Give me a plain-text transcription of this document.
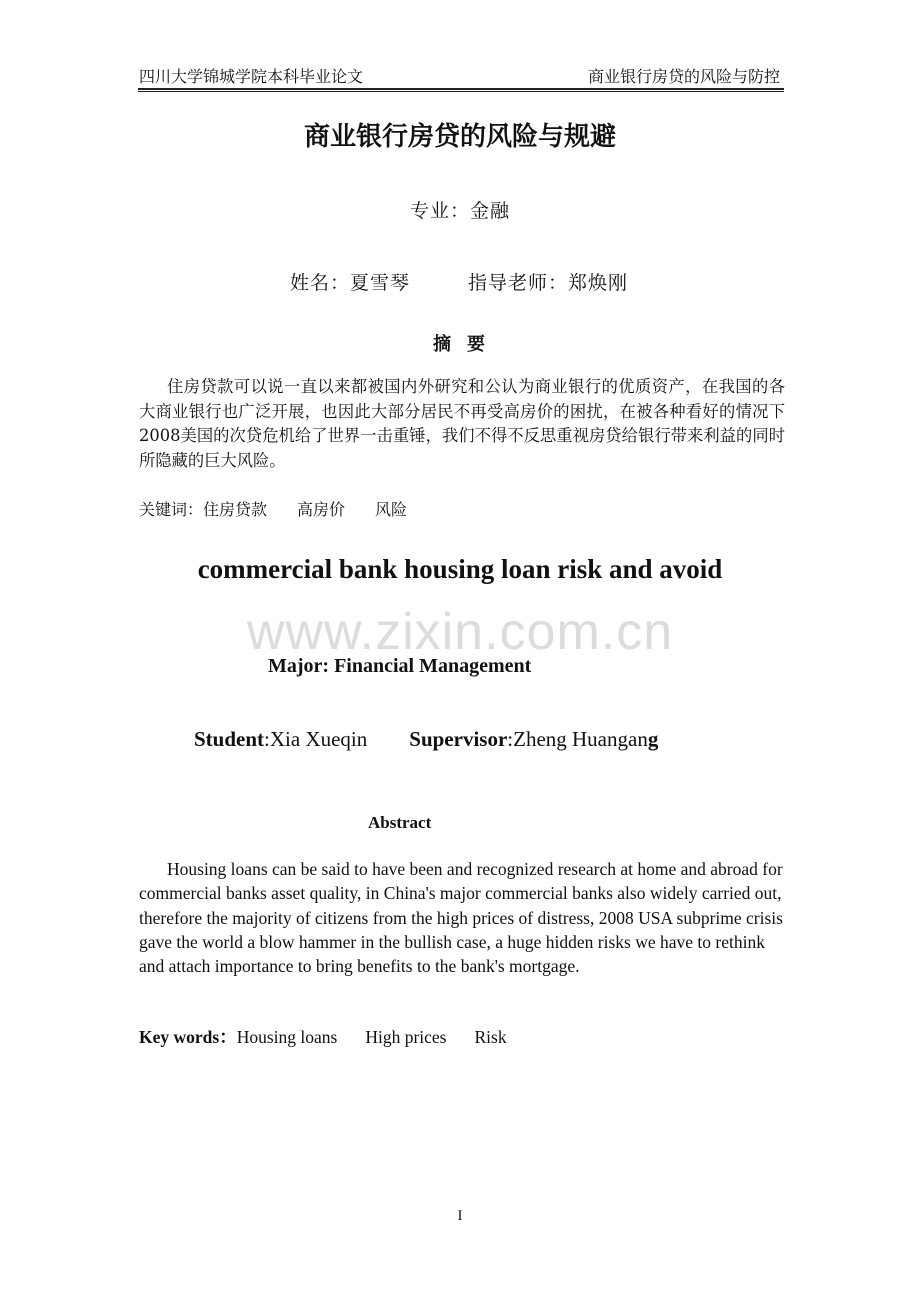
四川大学锦城学院本科毕业论文	商业银行房贷的风险与防控
商业银行房贷的风险与规避
专业：金融
姓名：夏雪琴	指导老师：郑焕刚
摘 要
住房贷款可以说一直以来都被国内外研究和公认为商业银行的优质资产，在我国的各大商业银行也广泛开展，也因此大部分居民不再受高房价的困扰，在被各种看好的情况下2008美国的次贷危机给了世界一击重锤，我们不得不反思重视房贷给银行带来利益的同时所隐藏的巨大风险。
关键词：住房贷款 高房价 风险
commercial bank housing loan risk and avoid
www.zixin.com.cn
Major: Financial Management
Student:Xia Xueqin Supervisor:Zheng Huangang
Abstract
Housing loans can be said to have been and recognized research at home and abroad for commercial banks asset quality, in China's major commercial banks also widely carried out, therefore the majority of citizens from the high prices of distress, 2008 USA subprime crisis gave the world a blow hammer in the bullish case, a huge hidden risks we have to rethink and attach importance to bring benefits to the bank's mortgage.
Key words：Housing loans High prices Risk
I
